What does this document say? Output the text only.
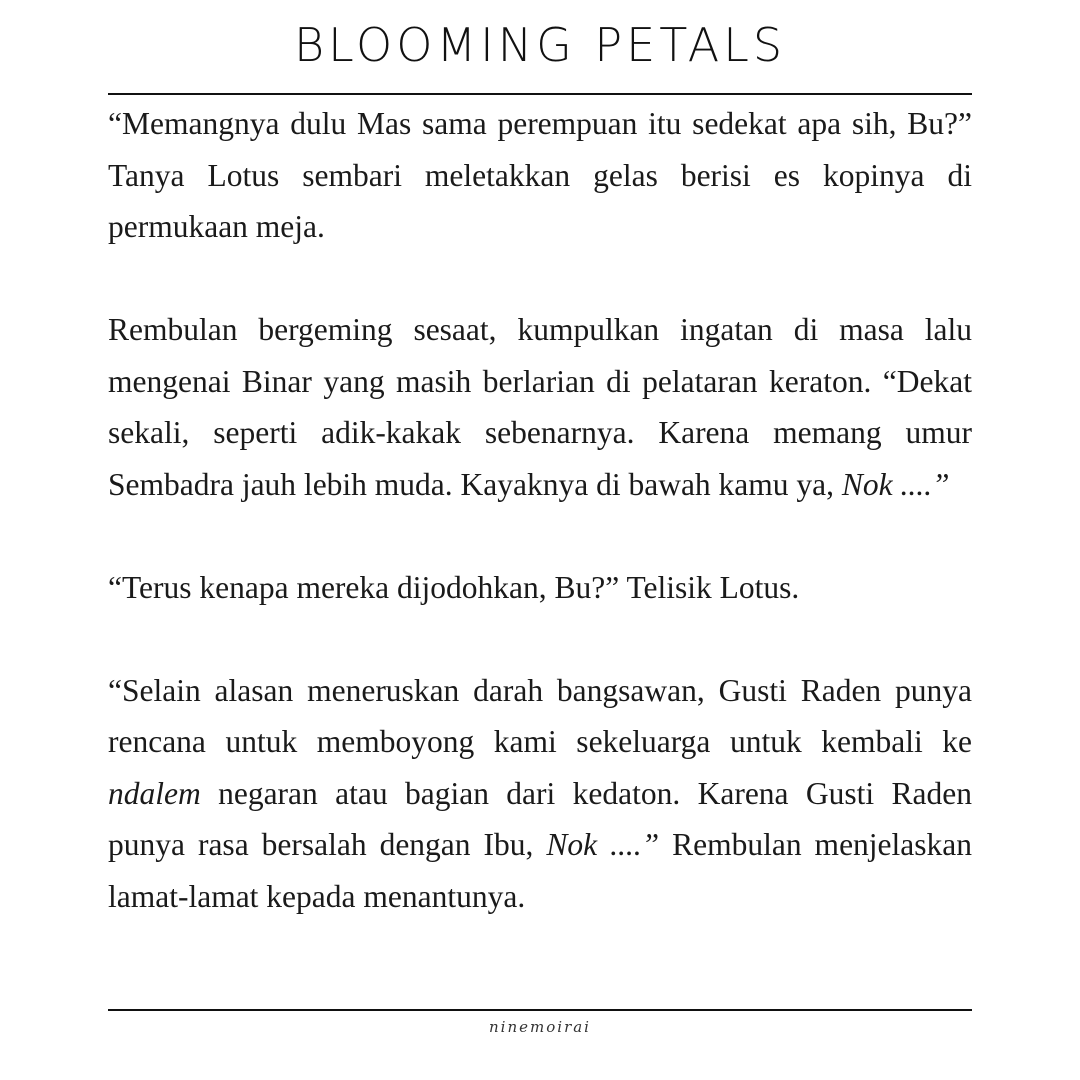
BLOOMING PETALS

“Memangnya dulu Mas sama perempuan itu sedekat apa sih, Bu?” Tanya Lotus sembari meletakkan gelas berisi es kopinya di permukaan meja.

Rembulan bergeming sesaat, kumpulkan ingatan di masa lalu mengenai Binar yang masih berlarian di pelataran keraton. “Dekat sekali, seperti adik-kakak sebenarnya. Karena memang umur Sembadra jauh lebih muda. Kayaknya di bawah kamu ya, Nok ....”

“Terus kenapa mereka dijodohkan, Bu?” Telisik Lotus.

“Selain alasan meneruskan darah bangsawan, Gusti Raden punya rencana untuk memboyong kami sekeluarga untuk kembali ke ndalem negaran atau bagian dari kedaton. Karena Gusti Raden punya rasa bersalah dengan Ibu, Nok ....” Rembulan menjelaskan lamat-lamat kepada menantunya.

ninemoirai
